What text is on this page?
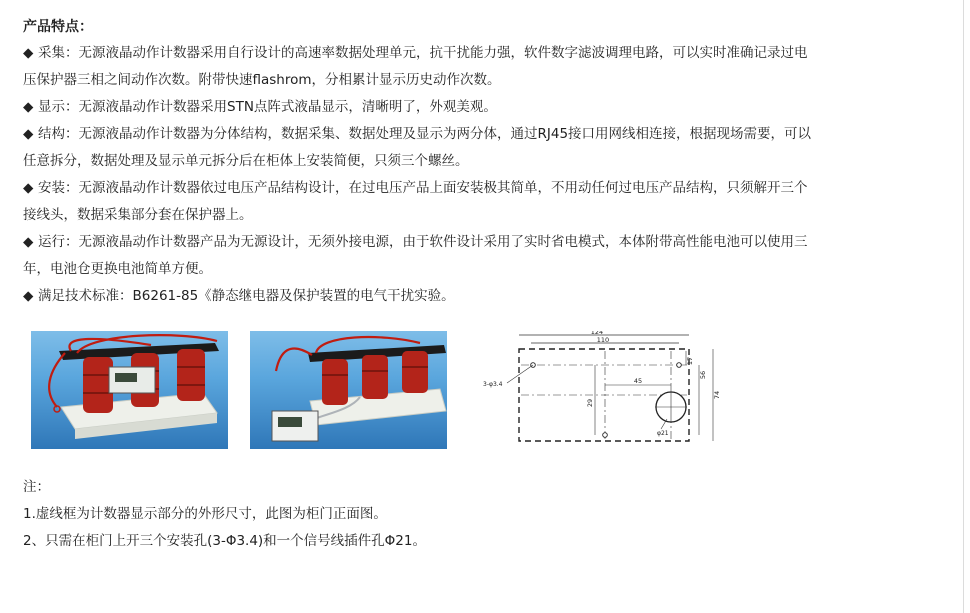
产品特点：

◆ 采集：无源液晶动作计数器采用自行设计的高速率数据处理单元，抗干扰能力强，软件数字滤波调理电路，可以实时准确记录过电

压保护器三相之间动作次数。附带快速flashrom，分相累计显示历史动作次数。

◆ 显示：无源液晶动作计数器采用STN点阵式液晶显示，清晰明了，外观美观。

◆ 结构：无源液晶动作计数器为分体结构，数据采集、数据处理及显示为两分体，通过RJ45接口用网线相连接，根据现场需要，可以

任意拆分，数据处理及显示单元拆分后在柜体上安装简便，只须三个螺丝。

◆ 安装：无源液晶动作计数器依过电压产品结构设计，在过电压产品上面安装极其简单，不用动任何过电压产品结构，只须解开三个

接线头，数据采集部分套在保护器上。

◆ 运行：无源液晶动作计数器产品为无源设计，无须外接电源，由于软件设计采用了实时省电模式，本体附带高性能电池可以使用三

年，电池仓更换电池简单方便。

◆ 满足技术标准：B6261-85《静态继电器及保护装置的电气干扰实验。

124
110
45
29
17
56
74
3-φ3.4
φ21

注：

1.虚线框为计数器显示部分的外形尺寸，此图为柜门正面图。

2、只需在柜门上开三个安装孔(3-Φ3.4)和一个信号线插件孔Φ21。
